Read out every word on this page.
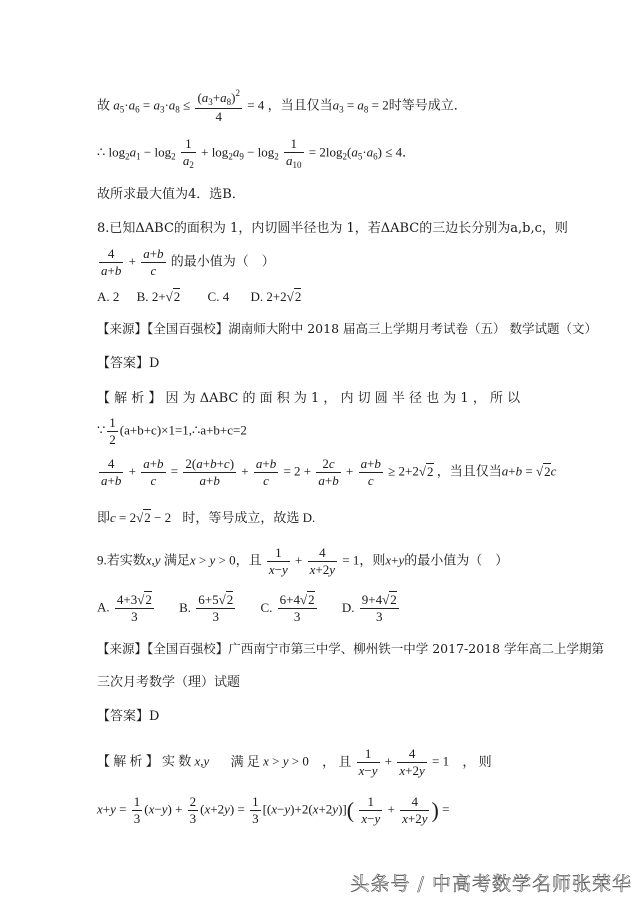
故 $a_5\cdot a_6 = a_3\cdot a_8 \le \frac{(a_3+a_8)^2}{4} = 4$ ，当且仅当$a_3 = a_8 = 2$时等号成立．
∴ $\log_2a_1 - \log_2 \frac{1}{a_2} + \log_2a_9 - \log_2 \frac{1}{a_{10}} = 2\log_2(a_5\cdot a_6) \le 4$．
故所求最大值为4．选B．
8.已知ΔABC的面积为 1，内切圆半径也为 1，若ΔABC的三边长分别为a,b,c，则
$\frac{4}{a+b} + \frac{a+b}{c}$ 的最小值为（　）
A. 2 B. 2+√2 C. 4 D. 2+2√2
【来源】【全国百强校】湖南师大附中 2018 届高三上学期月考试卷（五） 数学试题（文）
【答案】D
【 解 析 】 因 为 ΔABC 的 面 积 为 1 ， 内 切 圆 半 径 也 为 1 ， 所 以
∵ $\frac{1}{2}$ (a+b+c)×1=1,∴a+b+c=2
$\frac{4}{a+b} + \frac{a+b}{c} = \frac{2(a+b+c)}{a+b} + \frac{a+b}{c} = 2 + \frac{2c}{a+b} + \frac{a+b}{c} \ge 2+2√2$ ，当且仅当a+b = √2c
即c = 2√2 − 2 时，等号成立，故选 D.
9.若实数x,y 满足x > y > 0，且 $\frac{1}{x-y} + \frac{4}{x+2y} = 1$，则x+y的最小值为（　）
A. $\frac{4+3√2}{3} B$. $\frac{6+5√2}{3} C$. $\frac{6+4√2}{3} D$. $\frac{9+4√2}{3}$
【来源】【全国百强校】广西南宁市第三中学、柳州铁一中学 2017-2018 学年高二上学期第
三次月考数学（理）试题
【答案】D
【 解 析 】 实 数 x,y 满 足 x > y > 0 ， 且 $\frac{1}{x-y} + \frac{4}{x+2y} = 1$ ， 则
$x+y = \frac{1}{3} (x-y) + \frac{2}{3} (x+2y) = \frac{1}{3} [(x-y)+2(x+2y)]( \frac{1}{x-y} + \frac{4}{x+2y}$ ) =
头条号 / 中高考数学名师张荣华
